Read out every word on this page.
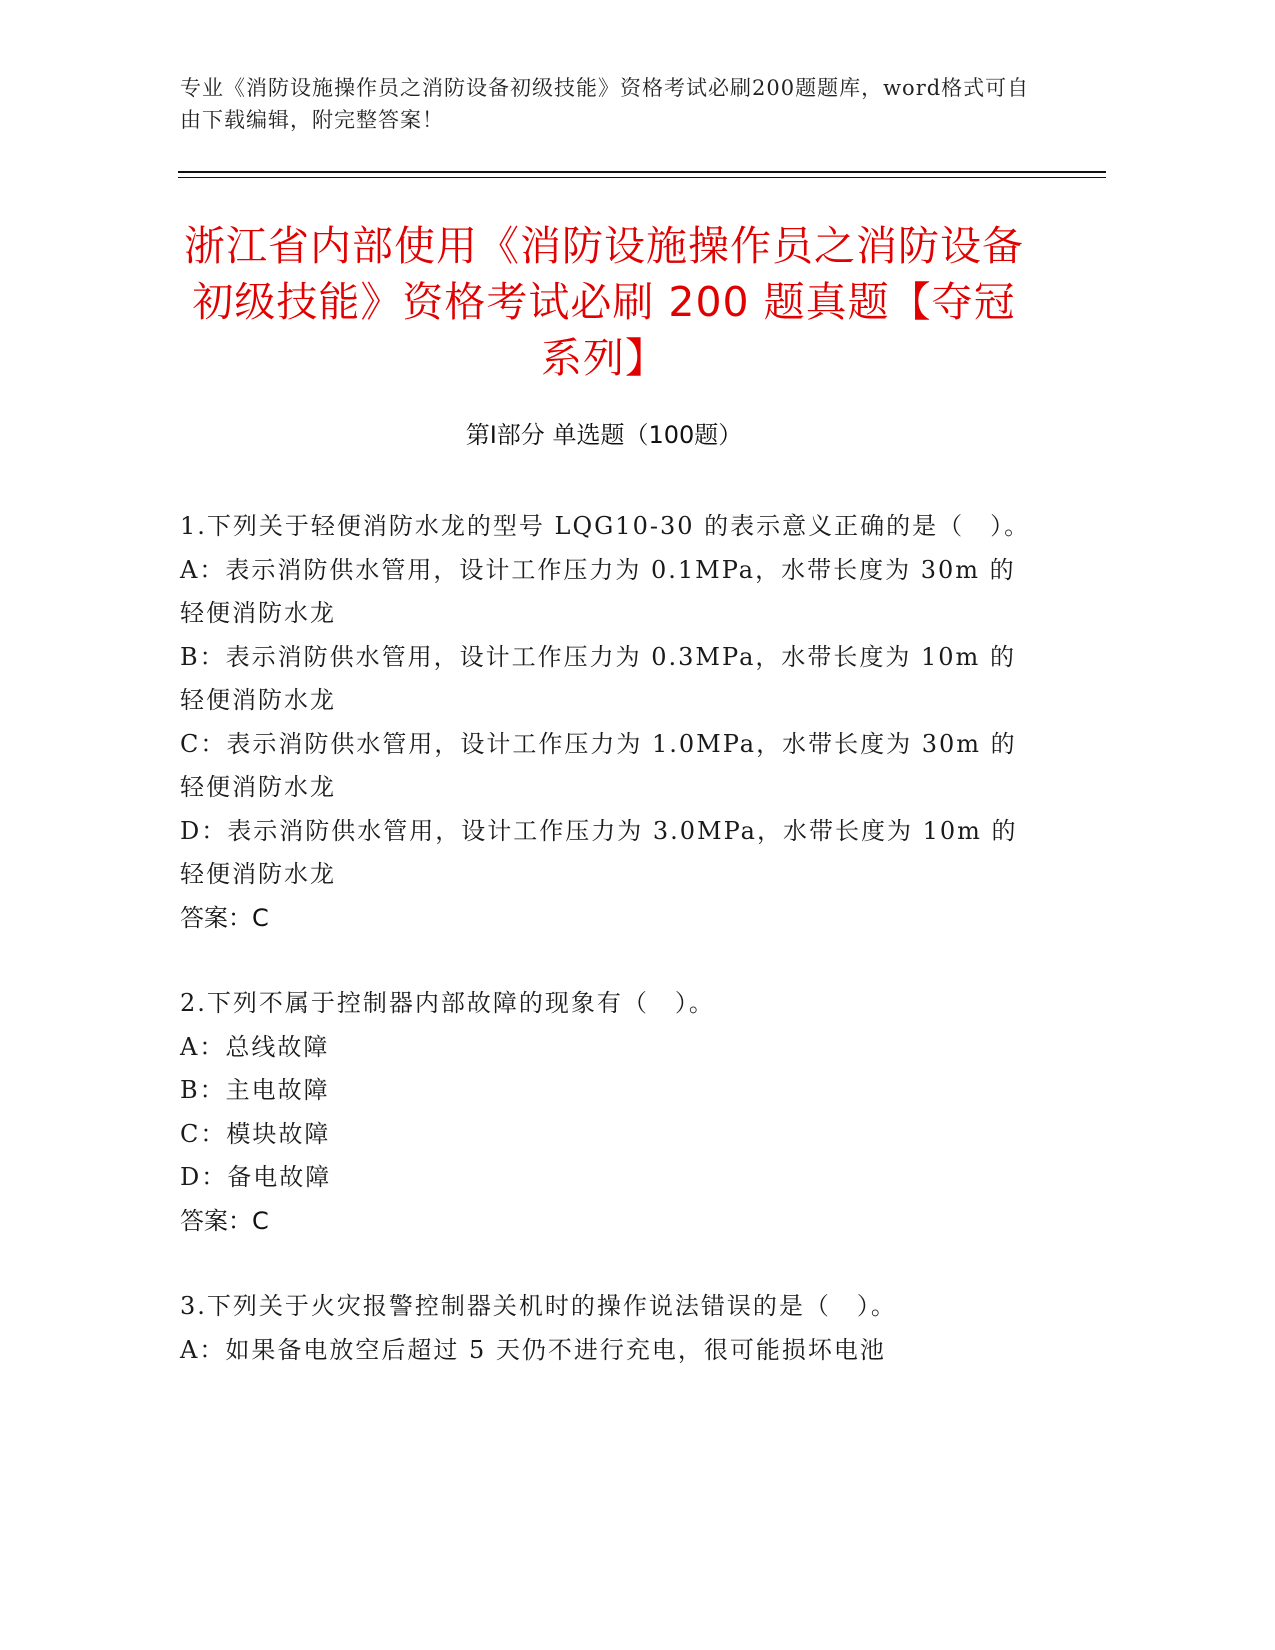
专业《消防设施操作员之消防设备初级技能》资格考试必刷200题题库，word格式可自由下载编辑，附完整答案！
浙江省内部使用《消防设施操作员之消防设备初级技能》资格考试必刷 200 题真题【夺冠系列】
第Ⅰ部分 单选题（100题）
1.下列关于轻便消防水龙的型号 LQG10-30 的表示意义正确的是（　）。
A：表示消防供水管用，设计工作压力为 0.1MPa，水带长度为 30m 的轻便消防水龙
B：表示消防供水管用，设计工作压力为 0.3MPa，水带长度为 10m 的轻便消防水龙
C：表示消防供水管用，设计工作压力为 1.0MPa，水带长度为 30m 的轻便消防水龙
D：表示消防供水管用，设计工作压力为 3.0MPa，水带长度为 10m 的轻便消防水龙
答案：C
2.下列不属于控制器内部故障的现象有（　）。
A：总线故障
B：主电故障
C：模块故障
D：备电故障
答案：C
3.下列关于火灾报警控制器关机时的操作说法错误的是（　）。
A：如果备电放空后超过 5 天仍不进行充电，很可能损坏电池
